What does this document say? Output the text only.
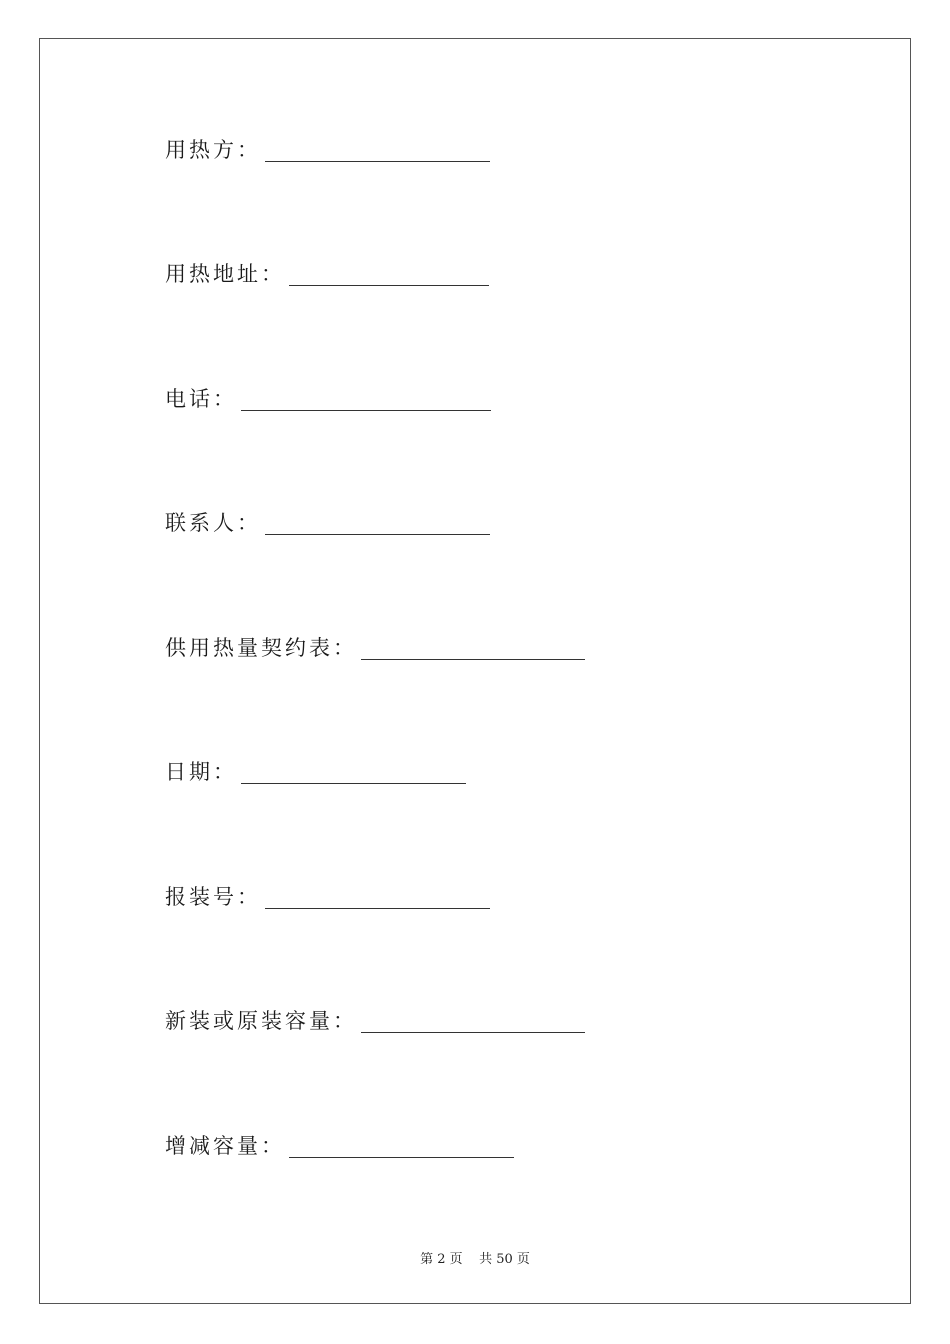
用热方：
用热地址：
电话：
联系人：
供用热量契约表：
日期：
报装号：
新装或原装容量：
增减容量：
第 2 页    共 50 页
